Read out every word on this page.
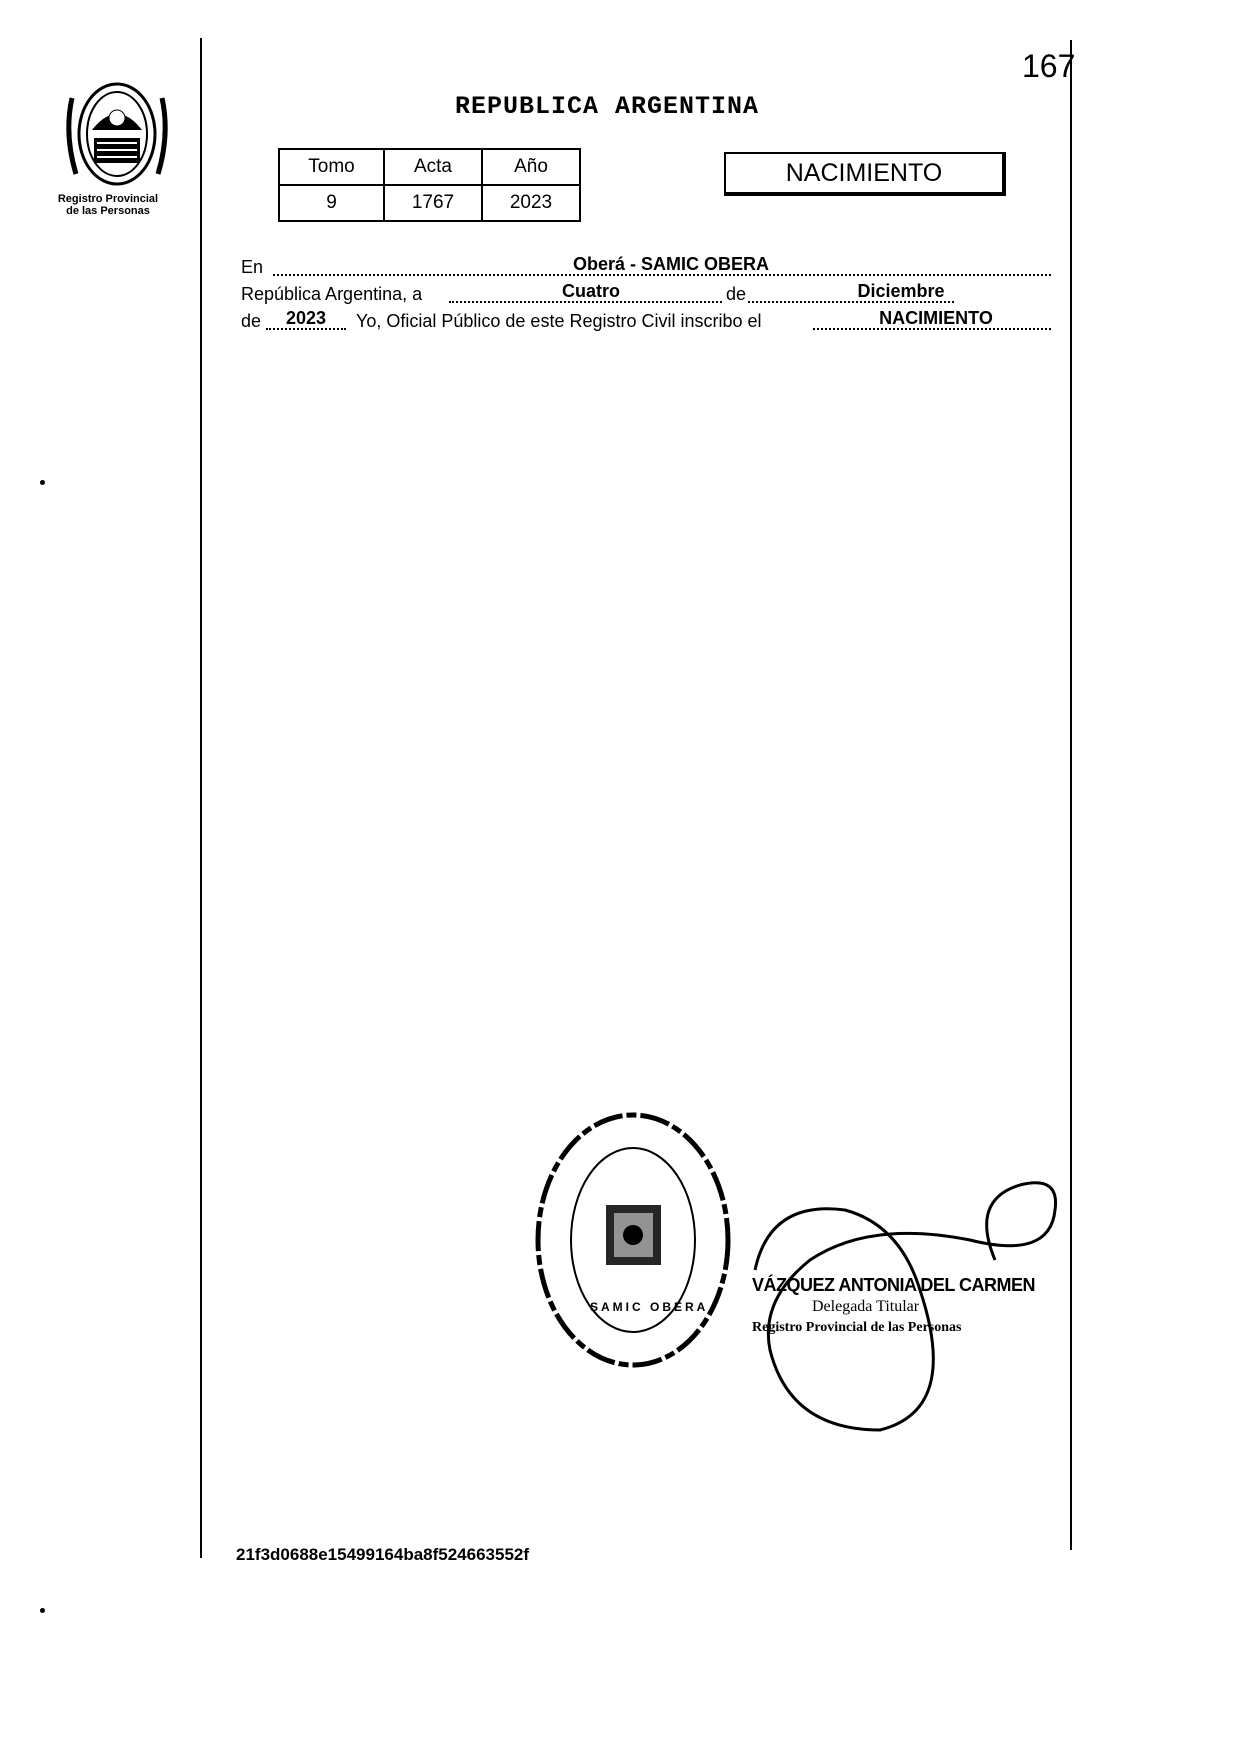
167
Registro Provincial
de las Personas
REPUBLICA ARGENTINA
Tomo	Acta	Año
9	1767	2023
NACIMIENTO
En	Oberá - SAMIC OBERA
República Argentina, a	Cuatro	de	Diciembre
de	2023	Yo, Oficial Público de este Registro Civil inscribo el	NACIMIENTO
SAMIC OBERA
VÁZQUEZ ANTONIA DEL CARMEN
Delegada Titular
Registro Provincial de las Personas
21f3d0688e15499164ba8f524663552f
